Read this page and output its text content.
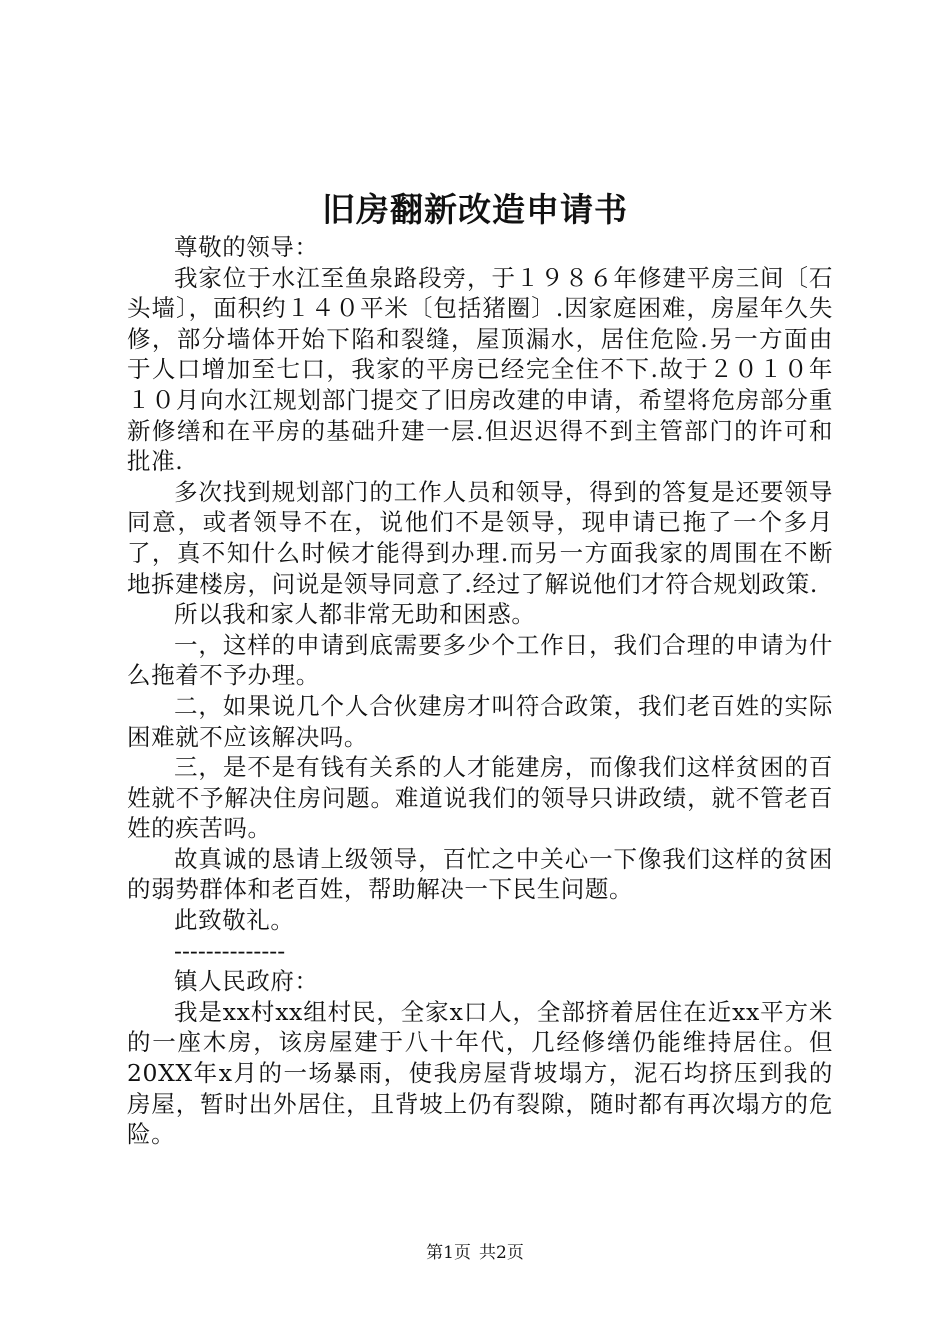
旧房翻新改造申请书

尊敬的领导：

我家位于水江至鱼泉路段旁，于１９８６年修建平房三间〔石头墙〕，面积约１４０平米〔包括猪圈〕.因家庭困难，房屋年久失修，部分墙体开始下陷和裂缝，屋顶漏水，居住危险.另一方面由于人口增加至七口，我家的平房已经完全住不下.故于２０１０年１０月向水江规划部门提交了旧房改建的申请，希望将危房部分重新修缮和在平房的基础升建一层.但迟迟得不到主管部门的许可和批准.

多次找到规划部门的工作人员和领导，得到的答复是还要领导同意，或者领导不在，说他们不是领导，现申请已拖了一个多月了，真不知什么时候才能得到办理.而另一方面我家的周围在不断地拆建楼房，问说是领导同意了.经过了解说他们才符合规划政策.

所以我和家人都非常无助和困惑。

一，这样的申请到底需要多少个工作日，我们合理的申请为什么拖着不予办理。

二，如果说几个人合伙建房才叫符合政策，我们老百姓的实际困难就不应该解决吗。

三，是不是有钱有关系的人才能建房，而像我们这样贫困的百姓就不予解决住房问题。难道说我们的领导只讲政绩，就不管老百姓的疾苦吗。

故真诚的恳请上级领导，百忙之中关心一下像我们这样的贫困的弱势群体和老百姓，帮助解决一下民生问题。

此致敬礼。

--------------

镇人民政府：

我是xx村xx组村民，全家x口人，全部挤着居住在近xx平方米的一座木房，该房屋建于八十年代，几经修缮仍能维持居住。但20XX年x月的一场暴雨，使我房屋背坡塌方，泥石均挤压到我的房屋，暂时出外居住，且背坡上仍有裂隙，随时都有再次塌方的危险。

第1页 共2页
